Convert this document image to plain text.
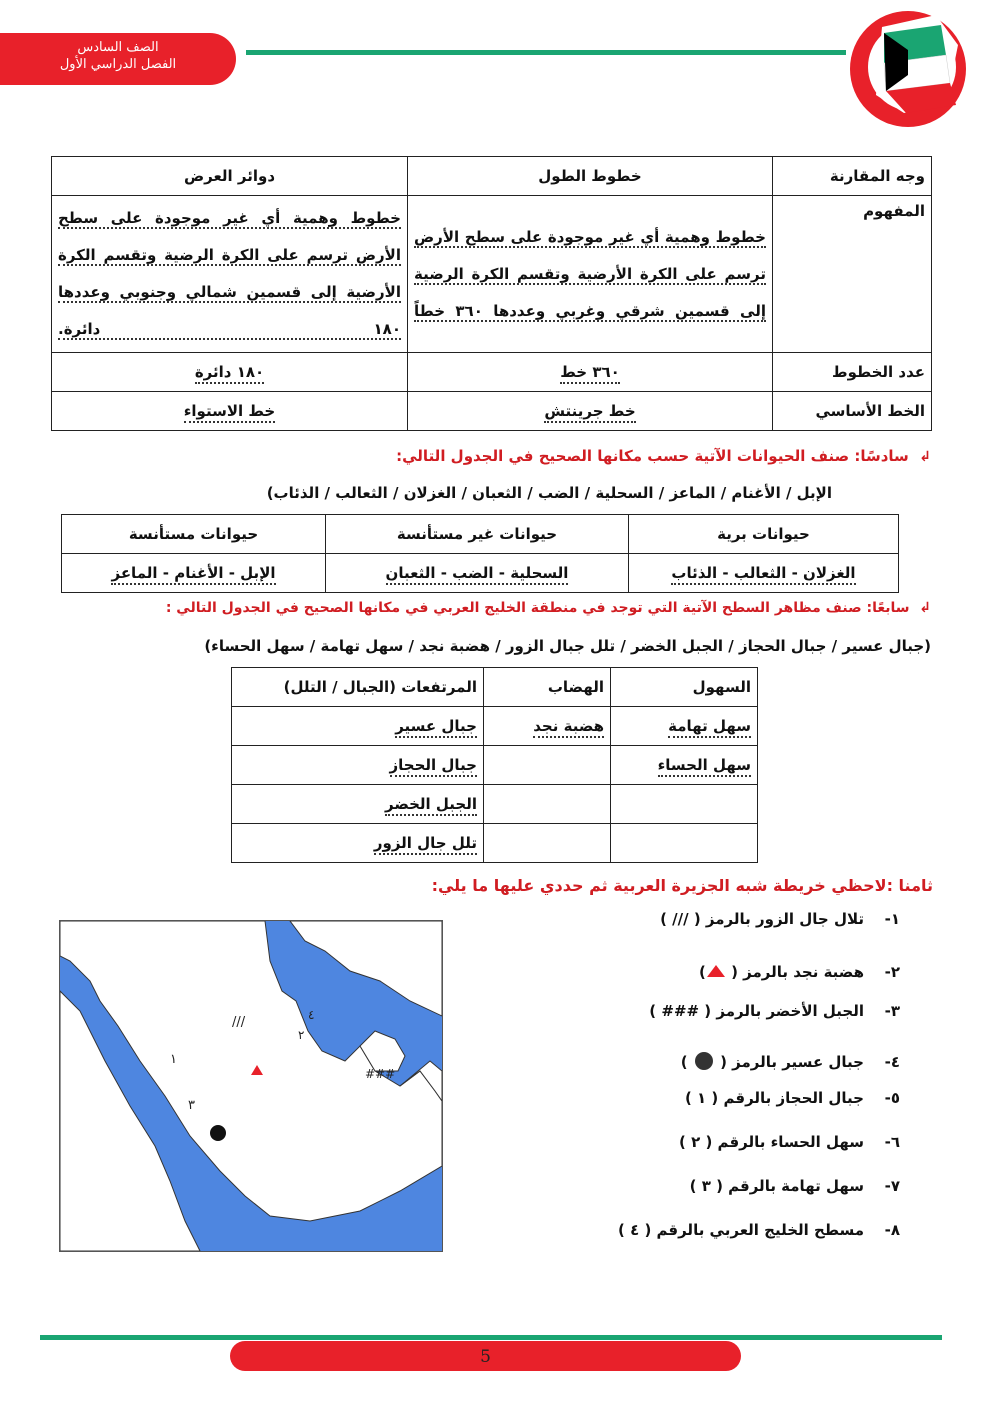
الصف السادس
الفصل الدراسي الأول
وجه المقارنة	خطوط الطول	دوائر العرض
المفهوم	خطوط وهمية أي غير موجودة على سطح الأرض ترسم على الكرة الأرضية وتقسم الكرة الرضية إلى قسمين شرقي وغربي وعددها ٣٦٠ خطاً	خطوط وهمية أي غير موجودة على سطح الأرض ترسم على الكرة الرضية وتقسم الكرة الأرضية إلى قسمين شمالي وجنوبي وعددها ١٨٠ دائرة.

عدد الخطوط	٣٦٠ خط	١٨٠ دائرة
الخط الأساسي	خط جرينتش	خط الاستواء
↲  سادسًا: صنف الحيوانات الآتية حسب مكانها الصحيح في الجدول التالي:
الإبل / الأغنام / الماعز / السحلية / الضب / الثعبان / الغزلان / الثعالب / الذئاب)
حيوانات برية	حيوانات غير مستأنسة	حيوانات مستأنسة
الغزلان - الثعالب - الذئاب	السحلية - الضب - الثعبان	الإبل - الأغنام - الماعز
↲  سابعًا: صنف مظاهر السطح الآتية التي توجد في منطقة الخليج العربي في مكانها الصحيح في الجدول التالي :
(جبال عسير / جبال الحجاز / الجبل الخضر / تلل جبال الزور / هضبة نجد / سهل تهامة / سهل الحساء)
السهول	الهضاب	المرتفعات (الجبال / التلل)
سهل تهامة	هضبة نجد	جبال عسير
سهل الحساء		جبال الحجاز
		الجبل الخضر
		تلل جال الزور
ثامنا :لاحظي خريطة شبه الجزيرة العربية ثم حددي عليها ما يلي:
///
###
١
٢
٣
٤
١-تلال جال الزور بالرمز ( /// )
٢-هضبة نجد بالرمز ( )
٣-الجبل الأخضر بالرمز ( ### )
٤-جبال عسير بالرمز (  )
٥-جبال الحجاز بالرقم ( ١ )
٦-سهل الحساء بالرقم ( ٢ )
٧-سهل تهامة بالرقم ( ٣ )
٨-مسطح الخليج العربي بالرقم ( ٤ )
5
